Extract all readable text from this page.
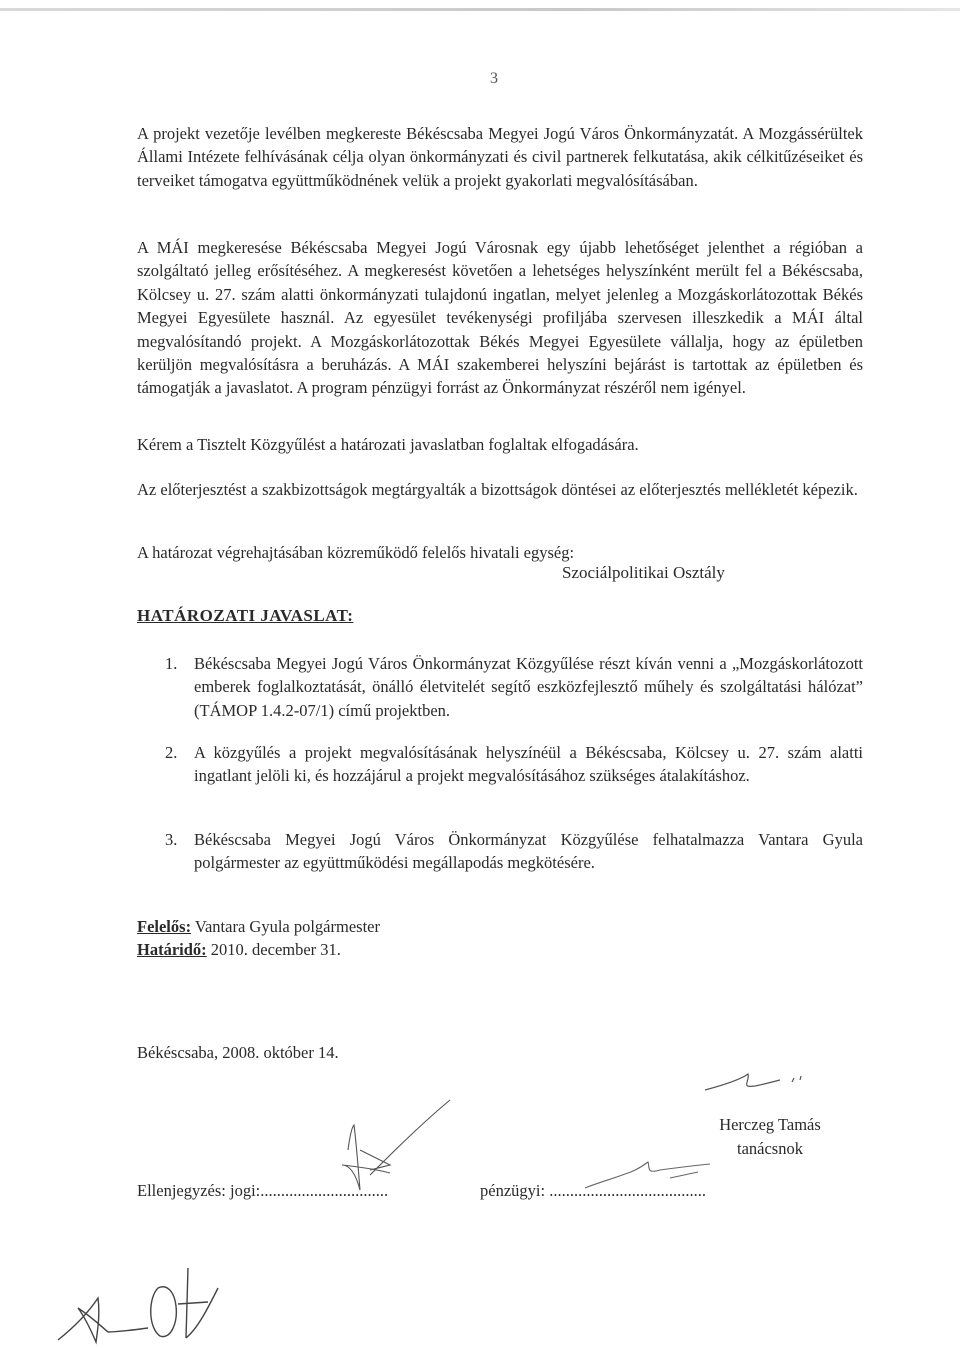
3
A projekt vezetője levélben megkereste Békéscsaba Megyei Jogú Város Önkormányzatát. A Mozgássérültek Állami Intézete felhívásának célja olyan önkormányzati és civil partnerek felkutatása, akik célkitűzéseiket és terveiket támogatva együttműködnének velük a projekt gyakorlati megvalósításában.
A MÁI megkeresése Békéscsaba Megyei Jogú Városnak egy újabb lehetőséget jelenthet a régióban a szolgáltató jelleg erősítéséhez. A megkeresést követően a lehetséges helyszínként merült fel a Békéscsaba, Kölcsey u. 27. szám alatti önkormányzati tulajdonú ingatlan, melyet jelenleg a Mozgáskorlátozottak Békés Megyei Egyesülete használ. Az egyesület tevékenységi profiljába szervesen illeszkedik a MÁI által megvalósítandó projekt. A Mozgáskorlátozottak Békés Megyei Egyesülete vállalja, hogy az épületben kerüljön megvalósításra a beruházás. A MÁI szakemberei helyszíni bejárást is tartottak az épületben és támogatják a javaslatot. A program pénzügyi forrást az Önkormányzat részéről nem igényel.
Kérem a Tisztelt Közgyűlést a határozati javaslatban foglaltak elfogadására.
Az előterjesztést a szakbizottságok megtárgyalták a bizottságok döntései az előterjesztés mellékletét képezik.
A határozat végrehajtásában közreműködő felelős hivatali egység:
Szociálpolitikai Osztály
HATÁROZATI JAVASLAT:
1. Békéscsaba Megyei Jogú Város Önkormányzat Közgyűlése részt kíván venni a „Mozgáskorlátozott emberek foglalkoztatását, önálló életvitelét segítő eszközfejlesztő műhely és szolgáltatási hálózat” (TÁMOP 1.4.2-07/1) című projektben.
2. A közgyűlés a projekt megvalósításának helyszínéül a Békéscsaba, Kölcsey u. 27. szám alatti ingatlant jelöli ki, és hozzájárul a projekt megvalósításához szükséges átalakításhoz.
3. Békéscsaba Megyei Jogú Város Önkormányzat Közgyűlése felhatalmazza Vantara Gyula polgármester az együttműködési megállapodás megkötésére.
Felelős: Vantara Gyula polgármester
Határidő: 2010. december 31.
Békéscsaba, 2008. október 14.
Herczeg Tamás
tanácsnok
Ellenjegyzés: jogi:...............................	pénzügyi: ......................................
